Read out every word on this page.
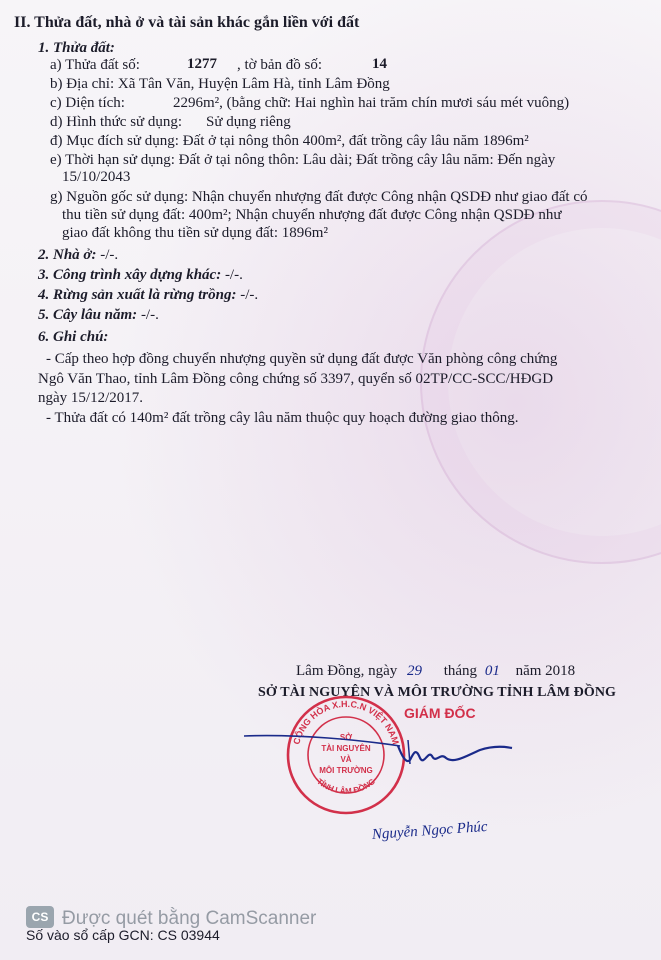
II. Thửa đất, nhà ở và tài sản khác gắn liền với đất
1. Thửa đất:
a) Thửa đất số:	1277 , tờ bản đồ số:	14
b) Địa chỉ: Xã Tân Văn, Huyện Lâm Hà, tỉnh Lâm Đồng
c) Diện tích:	2296m², (bằng chữ: Hai nghìn hai trăm chín mươi sáu mét vuông)
d) Hình thức sử dụng: Sử dụng riêng
đ) Mục đích sử dụng: Đất ở tại nông thôn 400m², đất trồng cây lâu năm 1896m²
e) Thời hạn sử dụng: Đất ở tại nông thôn: Lâu dài; Đất trồng cây lâu năm: Đến ngày
15/10/2043
g) Nguồn gốc sử dụng: Nhận chuyển nhượng đất được Công nhận QSDĐ như giao đất có
thu tiền sử dụng đất: 400m²; Nhận chuyển nhượng đất được Công nhận QSDĐ như
giao đất không thu tiền sử dụng đất: 1896m²
2. Nhà ở: -/-.
3. Công trình xây dựng khác: -/-.
4. Rừng sản xuất là rừng trồng: -/-.
5. Cây lâu năm: -/-.
6. Ghi chú:
- Cấp theo hợp đồng chuyển nhượng quyền sử dụng đất được Văn phòng công chứng
Ngô Văn Thao, tỉnh Lâm Đồng công chứng số 3397, quyển số 02TP/CC-SCC/HĐGD
ngày 15/12/2017.
- Thửa đất có 140m² đất trồng cây lâu năm thuộc quy hoạch đường giao thông.
Lâm Đồng, ngày 29 tháng 01 năm 2018
SỞ TÀI NGUYÊN VÀ MÔI TRƯỜNG TỈNH LÂM ĐỒNG
GIÁM ĐỐC
CỘNG HÒA X.H.C.N VIỆT NAM
TỈNH LÂM ĐỒNG
SỞ
TÀI NGUYÊN
VÀ
MÔI TRƯỜNG
Nguyễn Ngọc Phúc
CS Được quét bằng CamScanner
Số vào sổ cấp GCN: CS 03944
